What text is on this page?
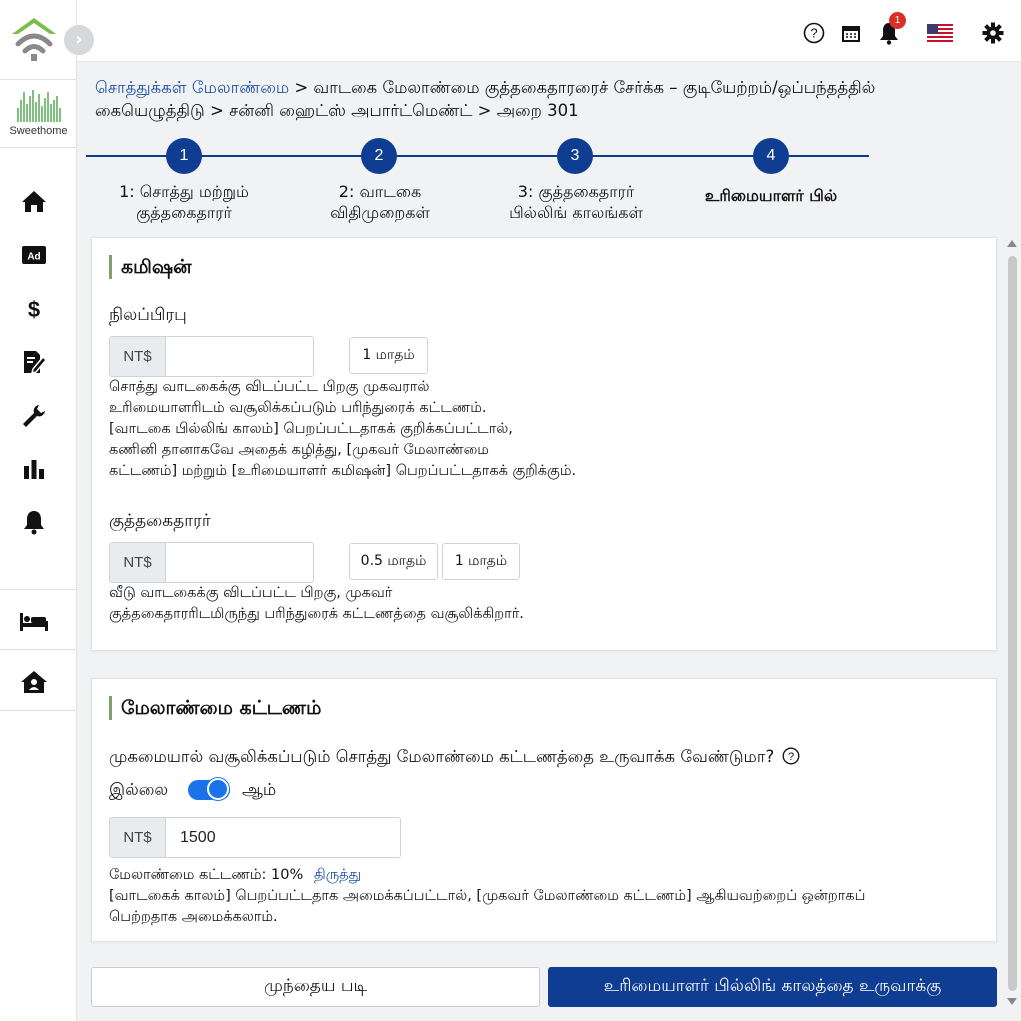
Sweethome
Ad
$
›	?
1
சொத்துக்கள் மேலாண்மை > வாடகை மேலாண்மை குத்தகைதாரரைச் சேர்க்க – குடியேற்றம்/ஒப்பந்தத்தில் கையெழுத்திடு > சன்னி ஹைட்ஸ் அபார்ட்மெண்ட் > அறை 301
1	2	3	4
1: சொத்து மற்றும் குத்தகைதாரர்
2: வாடகை விதிமுறைகள்
3: குத்தகைதாரர் பில்லிங் காலங்கள்
உரிமையாளர் பில்
கமிஷன்
நிலப்பிரபு
NT$	1 மாதம்
சொத்து வாடகைக்கு விடப்பட்ட பிறகு முகவரால்
உரிமையாளரிடம் வசூலிக்கப்படும் பரிந்துரைக் கட்டணம்.
[வாடகை பில்லிங் காலம்] பெறப்பட்டதாகக் குறிக்கப்பட்டால்,
கணினி தானாகவே அதைக் கழித்து, [முகவர் மேலாண்மை
கட்டணம்] மற்றும் [உரிமையாளர் கமிஷன்] பெறப்பட்டதாகக் குறிக்கும்.
குத்தகைதாரர்
NT$	0.5 மாதம்	1 மாதம்
வீடு வாடகைக்கு விடப்பட்ட பிறகு, முகவர்
குத்தகைதாரரிடமிருந்து பரிந்துரைக் கட்டணத்தை வசூலிக்கிறார்.
மேலாண்மை கட்டணம்
முகமையால் வசூலிக்கப்படும் சொத்து மேலாண்மை கட்டணத்தை உருவாக்க வேண்டுமா? ?
இல்லை	ஆம்
NT$	1500
மேலாண்மை கட்டணம்: 10% திருத்து
[வாடகைக் காலம்] பெறப்பட்டதாக அமைக்கப்பட்டால், [முகவர் மேலாண்மை கட்டணம்] ஆகியவற்றைப் ஒன்றாகப்
பெற்றதாக அமைக்கலாம்.
முந்தைய படி	உரிமையாளர் பில்லிங் காலத்தை உருவாக்கு
